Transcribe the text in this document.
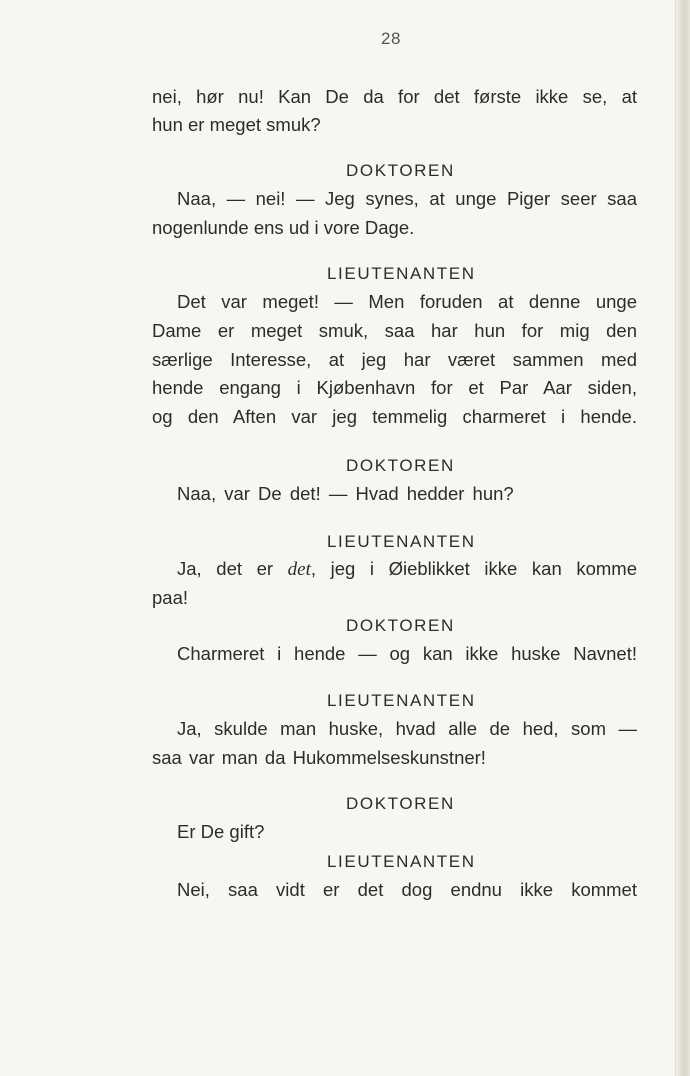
28
nei, hør nu! Kan De da for det første ikke se, at
hun er meget smuk?
DOKTOREN
Naa, — nei! — Jeg synes, at unge Piger seer saa
nogenlunde ens ud i vore Dage.
LIEUTENANTEN
Det var meget! — Men foruden at denne unge
Dame er meget smuk, saa har hun for mig den
særlige Interesse, at jeg har været sammen med
hende engang i Kjøbenhavn for et Par Aar siden,
og den Aften var jeg temmelig charmeret i hende.
DOKTOREN
Naa, var De det! — Hvad hedder hun?
LIEUTENANTEN
Ja, det er det, jeg i Øieblikket ikke kan komme
paa!
DOKTOREN
Charmeret i hende — og kan ikke huske Navnet!
LIEUTENANTEN
Ja, skulde man huske, hvad alle de hed, som —
saa var man da Hukommelseskunstner!
DOKTOREN
Er De gift?
LIEUTENANTEN
Nei, saa vidt er det dog endnu ikke kommet
